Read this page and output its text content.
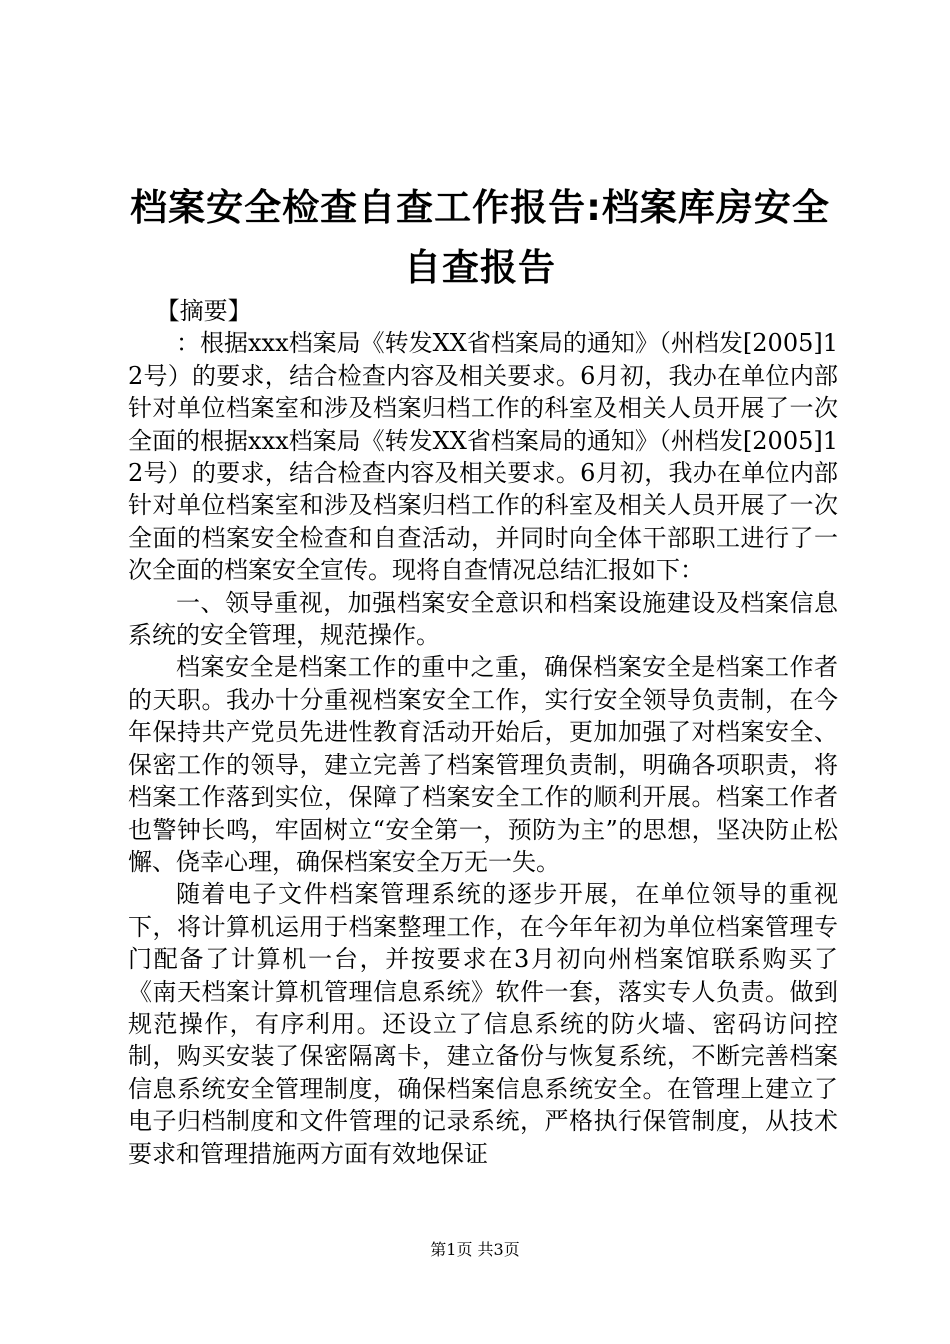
档案安全检查自查工作报告:档案库房安全自查报告

【摘要】

：根据xxx档案局《转发XX省档案局的通知》（州档发[2005]12号）的要求，结合检查内容及相关要求。6月初，我办在单位内部针对单位档案室和涉及档案归档工作的科室及相关人员开展了一次全面的根据xxx档案局《转发XX省档案局的通知》（州档发[2005]12号）的要求，结合检查内容及相关要求。6月初，我办在单位内部针对单位档案室和涉及档案归档工作的科室及相关人员开展了一次全面的档案安全检查和自查活动，并同时向全体干部职工进行了一次全面的档案安全宣传。现将自查情况总结汇报如下：

一、领导重视，加强档案安全意识和档案设施建设及档案信息系统的安全管理，规范操作。

档案安全是档案工作的重中之重，确保档案安全是档案工作者的天职。我办十分重视档案安全工作，实行安全领导负责制，在今年保持共产党员先进性教育活动开始后，更加加强了对档案安全、保密工作的领导，建立完善了档案管理负责制，明确各项职责，将档案工作落到实位，保障了档案安全工作的顺利开展。档案工作者也警钟长鸣，牢固树立“安全第一，预防为主”的思想，坚决防止松懈、侥幸心理，确保档案安全万无一失。

随着电子文件档案管理系统的逐步开展，在单位领导的重视下，将计算机运用于档案整理工作，在今年年初为单位档案管理专门配备了计算机一台，并按要求在3月初向州档案馆联系购买了《南天档案计算机管理信息系统》软件一套，落实专人负责。做到规范操作，有序利用。还设立了信息系统的防火墙、密码访问控制，购买安装了保密隔离卡，建立备份与恢复系统，不断完善档案信息系统安全管理制度，确保档案信息系统安全。在管理上建立了电子归档制度和文件管理的记录系统，严格执行保管制度，从技术要求和管理措施两方面有效地保证

第1页 共3页
